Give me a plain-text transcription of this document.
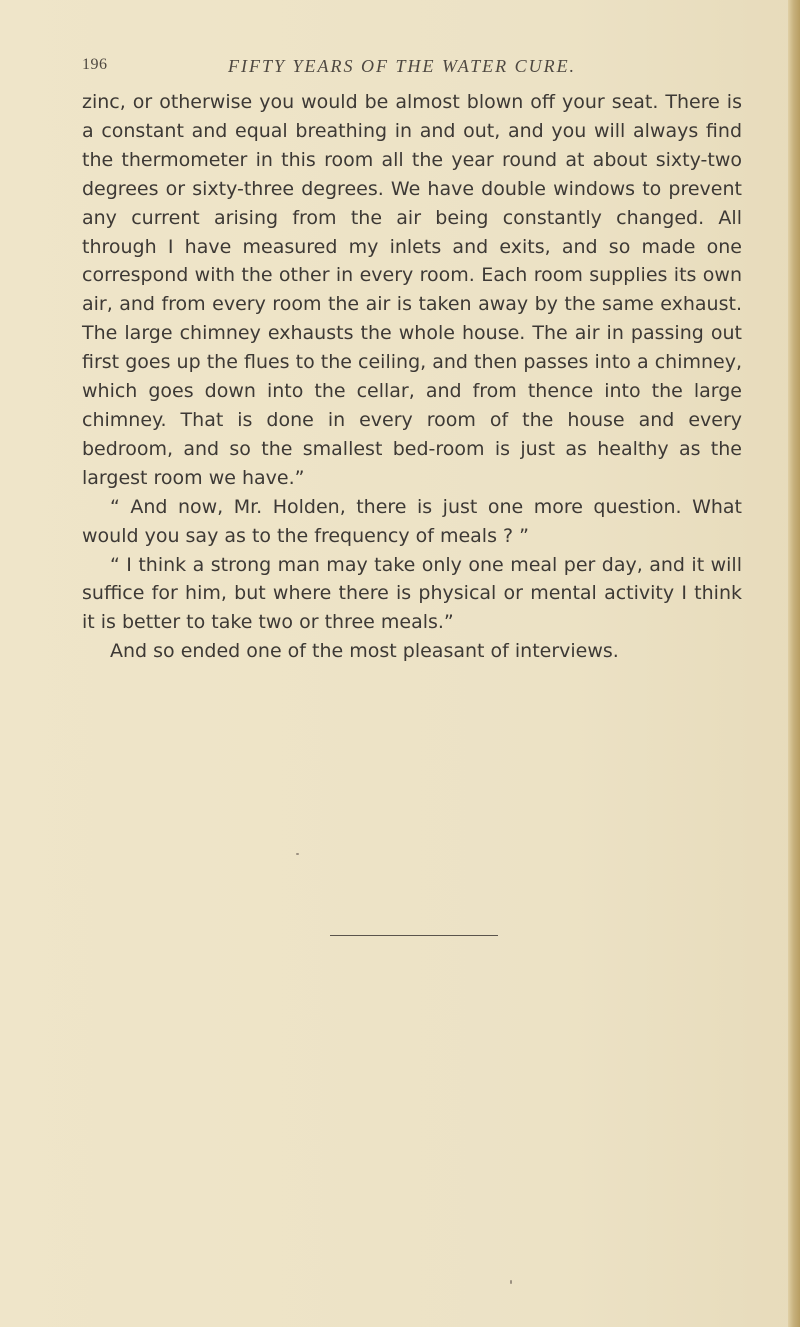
196	FIFTY YEARS OF THE WATER CURE.

zinc, or otherwise you would be almost blown off your seat. There is a constant and equal breathing in and out, and you will always find the thermometer in this room all the year round at about sixty-two degrees or sixty-three degrees. We have double windows to prevent any current arising from the air being constantly changed. All through I have measured my inlets and exits, and so made one correspond with the other in every room. Each room supplies its own air, and from every room the air is taken away by the same exhaust. The large chimney exhausts the whole house. The air in passing out first goes up the flues to the ceiling, and then passes into a chimney, which goes down into the cellar, and from thence into the large chimney. That is done in every room of the house and every bedroom, and so the smallest bed-room is just as healthy as the largest room we have.”

“ And now, Mr. Holden, there is just one more question. What would you say as to the frequency of meals ? ”

“ I think a strong man may take only one meal per day, and it will suffice for him, but where there is physical or mental activity I think it is better to take two or three meals.”

And so ended one of the most pleasant of interviews.
